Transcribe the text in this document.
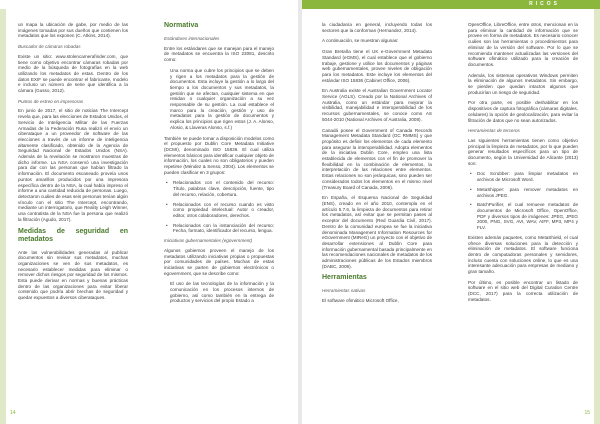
RICOS

un mapa la ubicación de gabe, por medio de las imágenes tomadas por sus dueños que contienen los metadatos que los exponen (C. Atkins, 2014).

Buscador de cámaras robadas

Existe un sitio: www.stolencamerafinder.com, que tiene como objetivo encontrar cámaras robadas por medio de la búsqueda de fotografías en la web utilizando los metadatos de estas. Dentro de los datos EXIF se puede encontrar el fabricante, modelo e incluso un número de serie que identifica a la cámara (Gusso, 2012).

Puntos de estreo en impresoras

En junio de 2017, el sitio de noticias The Intercept revela que, para las elecciones de Estados Unidos, el Servicio de Inteligencia Militar de las Fuerzas Armadas de la Federación Rusa realizó el envío un ciberataque a un proveedor de software de las elecciones a través de un informe de inteligencia altamente clasificado, obtenido de la Agencia de Seguridad Nacional de Estados Unidos (NSA). Además de la revelación se mostraron muestras de dicho informe. La NSA conservó una investigación para dar con las personas que habían filtrado la información. El documento escaneado proveía unos puntos amarillos producidos por una impresora específica dentro de la NSA, la cual había impreso el informe a una cantidad reducida de personas. Luego, detectaron cuáles de esas seis personas tenían algún vínculo con el sitio The Intercept, encontrando, mediante un interrogatorio, que Reality Leigh Winner, una contratista de la NSA fue la persona que realizó la filtración (Agudo, 2017).

Medidas de seguridad en metadatos

Ante las vulnerabilidades generadas al publicar documentos sin revisar sus metadatos, muchas organizaciones se ven de sus metadatos, es necesario establecer medidas para eliminar o remover dichos riesgos por seguridad de los mismos. Esta puede derivar en normas y buenas prácticas dentro de las organizaciones para evitar liberar contenido que podría abrir brechas de seguridad y quedar expuestos a diversos ciberataques.

Normativa

Estándares internacionales

Entre los estándares que se manejan para el manejo de metadatos se encuentra la ISO 23081, descrito como:

Una norma que cubre los principios que se deben y rigen a los metadatos para la gestión de documentos. Esta incluye la gestión a lo largo del tiempo a los documentos y sus metadatos, la gestión que se afectan, cualquier sistema en que residan o cualquier organización a su vez responsable de su gestión. La cual establece el marco para la creación, gestión y uso de metadatos para la gestión de documentos y explica los principios que rigen estos (J. A. Alonso, Alosio, & Llaveras Alonso, s.f.)

También se puede tomar a disposición modelos como el propuesto por Dublin Core Metadata Initiative (DCMI), denominado ISO 15836. El cual utiliza elementos básicos para identificar cualquier objeto de información, los cuales no son obligatorios y pueden repetirse (Méndez & Senso, 2004). Los elementos se pueden clasificar en 3 grupos:

• Relacionados con el contenido del recurso: Título, palabras clave, descripción, fuente, tipo del recurso, relación, cobertura.

• Relacionados con el recurso cuando es visto como propiedad intelectual: Autor o creador, editor, otros colaboradores, derechos.

• Relacionados con la instanciación del recurso: Fecha, formato, identificador del recurso, lengua.

Iniciativas gubernamentales (egovernment)

Algunos gobiernos proveen el manejo de los metadatos utilizando iniciativas propias o propuestas por comunidades de países. Muchas de estas iniciativas se parten de gobiernos electrónicos o egovernment, que se describe como:

El uso de las tecnologías de la información y la comunicación en los procesos internos de gobierno, así como también en la entrega de productos y servicios del propio Estado a

la ciudadanía en general, incluyendo todas los sectores que la conforman (Hernandez, 2014).

A continuación, se muestran algunas:

Gran Bretaña tiene el UK e-Government Metadata Standard (eGMS), el cual establece que el gobierno trabaje, gestione y utilice los documentos y páginas web gubernamentales, provee niveles de obligación para los metadatos. Este incluye los elementos del estándar ISO 15836 (Cabinet Office, 2006).

En Australia existe el Australian Government Locator Service (AGLS). Creado por la National Archives of Australia, como un estándar para mejorar la visibilidad, manejabilidad e interoperabilidad de los recursos gubernamentales, se conoce como AS 5044-2010 (National Archives of Australia, 2008).

Canadá posee el Government of Canada Records Management Metadata Standard (GC RMMS) y que propósito es definir los elementos de cada elemento para asegurar la interoperabilidad. Adopta elementos de la iniciativa Dublin Core, empleo una lista establecida de elementos con el fin de promover la flexibilidad en la combinación de elementos, la interpretación de las relaciones entre elementos. Estas relaciones no son jerárquicas, sino pueden ser considerados todos los elementos en el mismo nivel (Treasury Board of Canada, 2006).

En España, el Esquema Nacional de Seguridad (ENS), creado en el año 2010, contempla en el artículo 5.7.6, la limpieza de documentos para retirar los metadatos, así evitar que se permitan pases al exceptor del documento (Red Guardia Civil, 2017). Dentro de la comunidad europea se fue la iniciativa denominada Management Information Resources for eGovernment (MIReG) un proyecto con el objetivo de desarrollar extensiones al Dublin Core para información gubernamental basada principalmente en las recomendaciones nacionales de metadatos de los administraciones públicas de los Estados miembros (DABC, 2009).

Herramientas

Herramientas nativas

El software ofimático Microsoft Office,

OpenOffice, LibreOffice, entre otros, mencionan en la para eliminar la cantidad de información que se provee en forma de metadatos. Es necesario conocer cuáles son las herramientas o procedimientos para eliminar de la versión del software. Por lo que se recomienda mantener actualizadas las versiones del software ofimático utilizado para la creación de documentos.

Además, los sistemas operativos Windows permiten la eliminación de algunos metadatos. Sin embargo, se pierden que quedan intactos algunos que producirían un riesgo de seguridad.

Por otra parte, es posible deshabilitar en los dispositivos de captura fotográfica (cámaras digitales, celulares) la opción de geolocalización, para evitar la filtración de datos que no sean autorizados.

Herramientas de terceros

Las siguientes herramientas tienen como objetivo principal la limpieza de metadatos, por lo que pueden generar resultados específicos para un tipo de documento, según la Universidad de Alicante (2013) son:

• Doc Scrubber: para limpiar metadatos en archivos de Microsoft Word.

• MetaShipper: para remover metadatos en archivos JPEG.

• BatchPurifier, el cual remueve metadatos de documentos de Microsoft Office, OpenOffice, PDF y diversos tipos de imágenes: JPEG, JPEG 2000, PNG, SVG, AVI, WAV, AIFF, MP3, MP4 y FLV.

Existen además paquetes, como MetaShield, el cual ofrece diversas soluciones para la detección y eliminación de metadatos. El software funciona dentro de computadoras personales y servidores, incluso cuenta con soluciones online, lo que es una interesante adecuación para empresas de mediano y gran tamaño.

Por último, es posible encontrar un listado de software en el sitio web del Digital Curation Centre (DCC, 2017) para la correcta utilización de metadatos.

14	15
